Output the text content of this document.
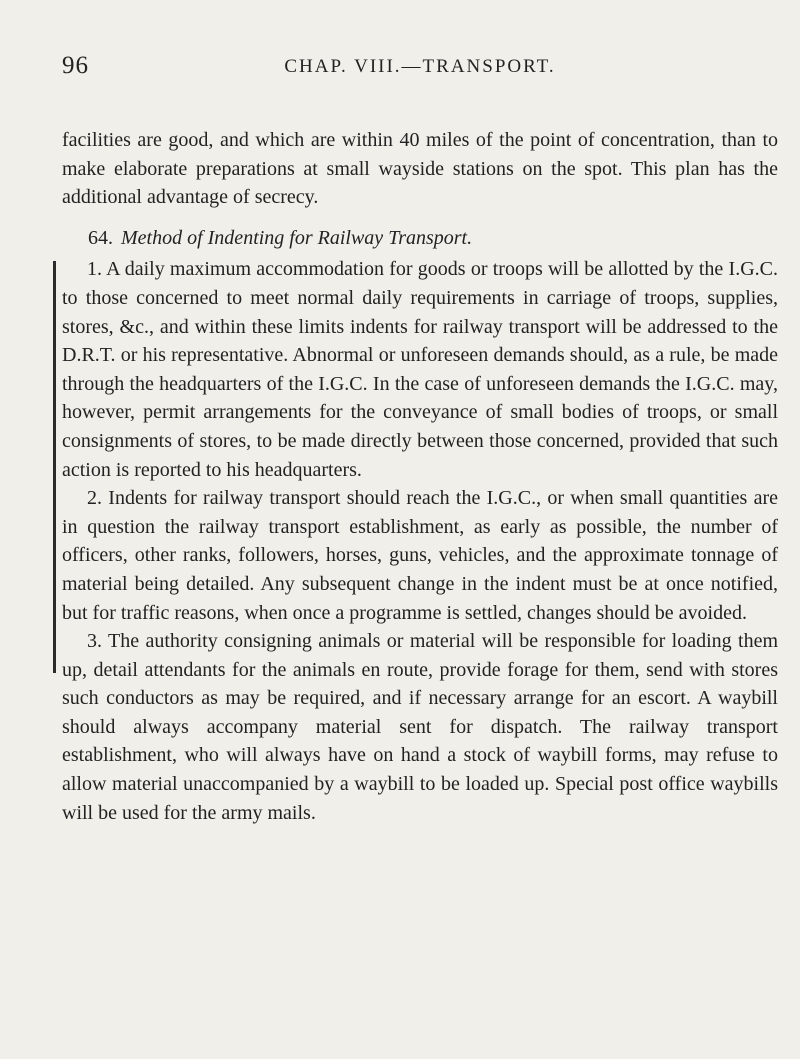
96	CHAP. VIII.—TRANSPORT.

facilities are good, and which are within 40 miles of the point of concentration, than to make elaborate preparations at small wayside stations on the spot. This plan has the additional advantage of secrecy.

64. Method of Indenting for Railway Transport.

1. A daily maximum accommodation for goods or troops will be allotted by the I.G.C. to those concerned to meet normal daily requirements in carriage of troops, supplies, stores, &c., and within these limits indents for railway transport will be addressed to the D.R.T. or his representative. Abnormal or unforeseen demands should, as a rule, be made through the headquarters of the I.G.C. In the case of unforeseen demands the I.G.C. may, however, permit arrangements for the conveyance of small bodies of troops, or small consignments of stores, to be made directly between those concerned, provided that such action is reported to his headquarters.

2. Indents for railway transport should reach the I.G.C., or when small quantities are in question the railway transport establishment, as early as possible, the number of officers, other ranks, followers, horses, guns, vehicles, and the approximate tonnage of material being detailed. Any subsequent change in the indent must be at once notified, but for traffic reasons, when once a programme is settled, changes should be avoided.

3. The authority consigning animals or material will be responsible for loading them up, detail attendants for the animals en route, provide forage for them, send with stores such conductors as may be required, and if necessary arrange for an escort. A waybill should always accompany material sent for dispatch. The railway transport establishment, who will always have on hand a stock of waybill forms, may refuse to allow material unaccompanied by a waybill to be loaded up. Special post office waybills will be used for the army mails.
